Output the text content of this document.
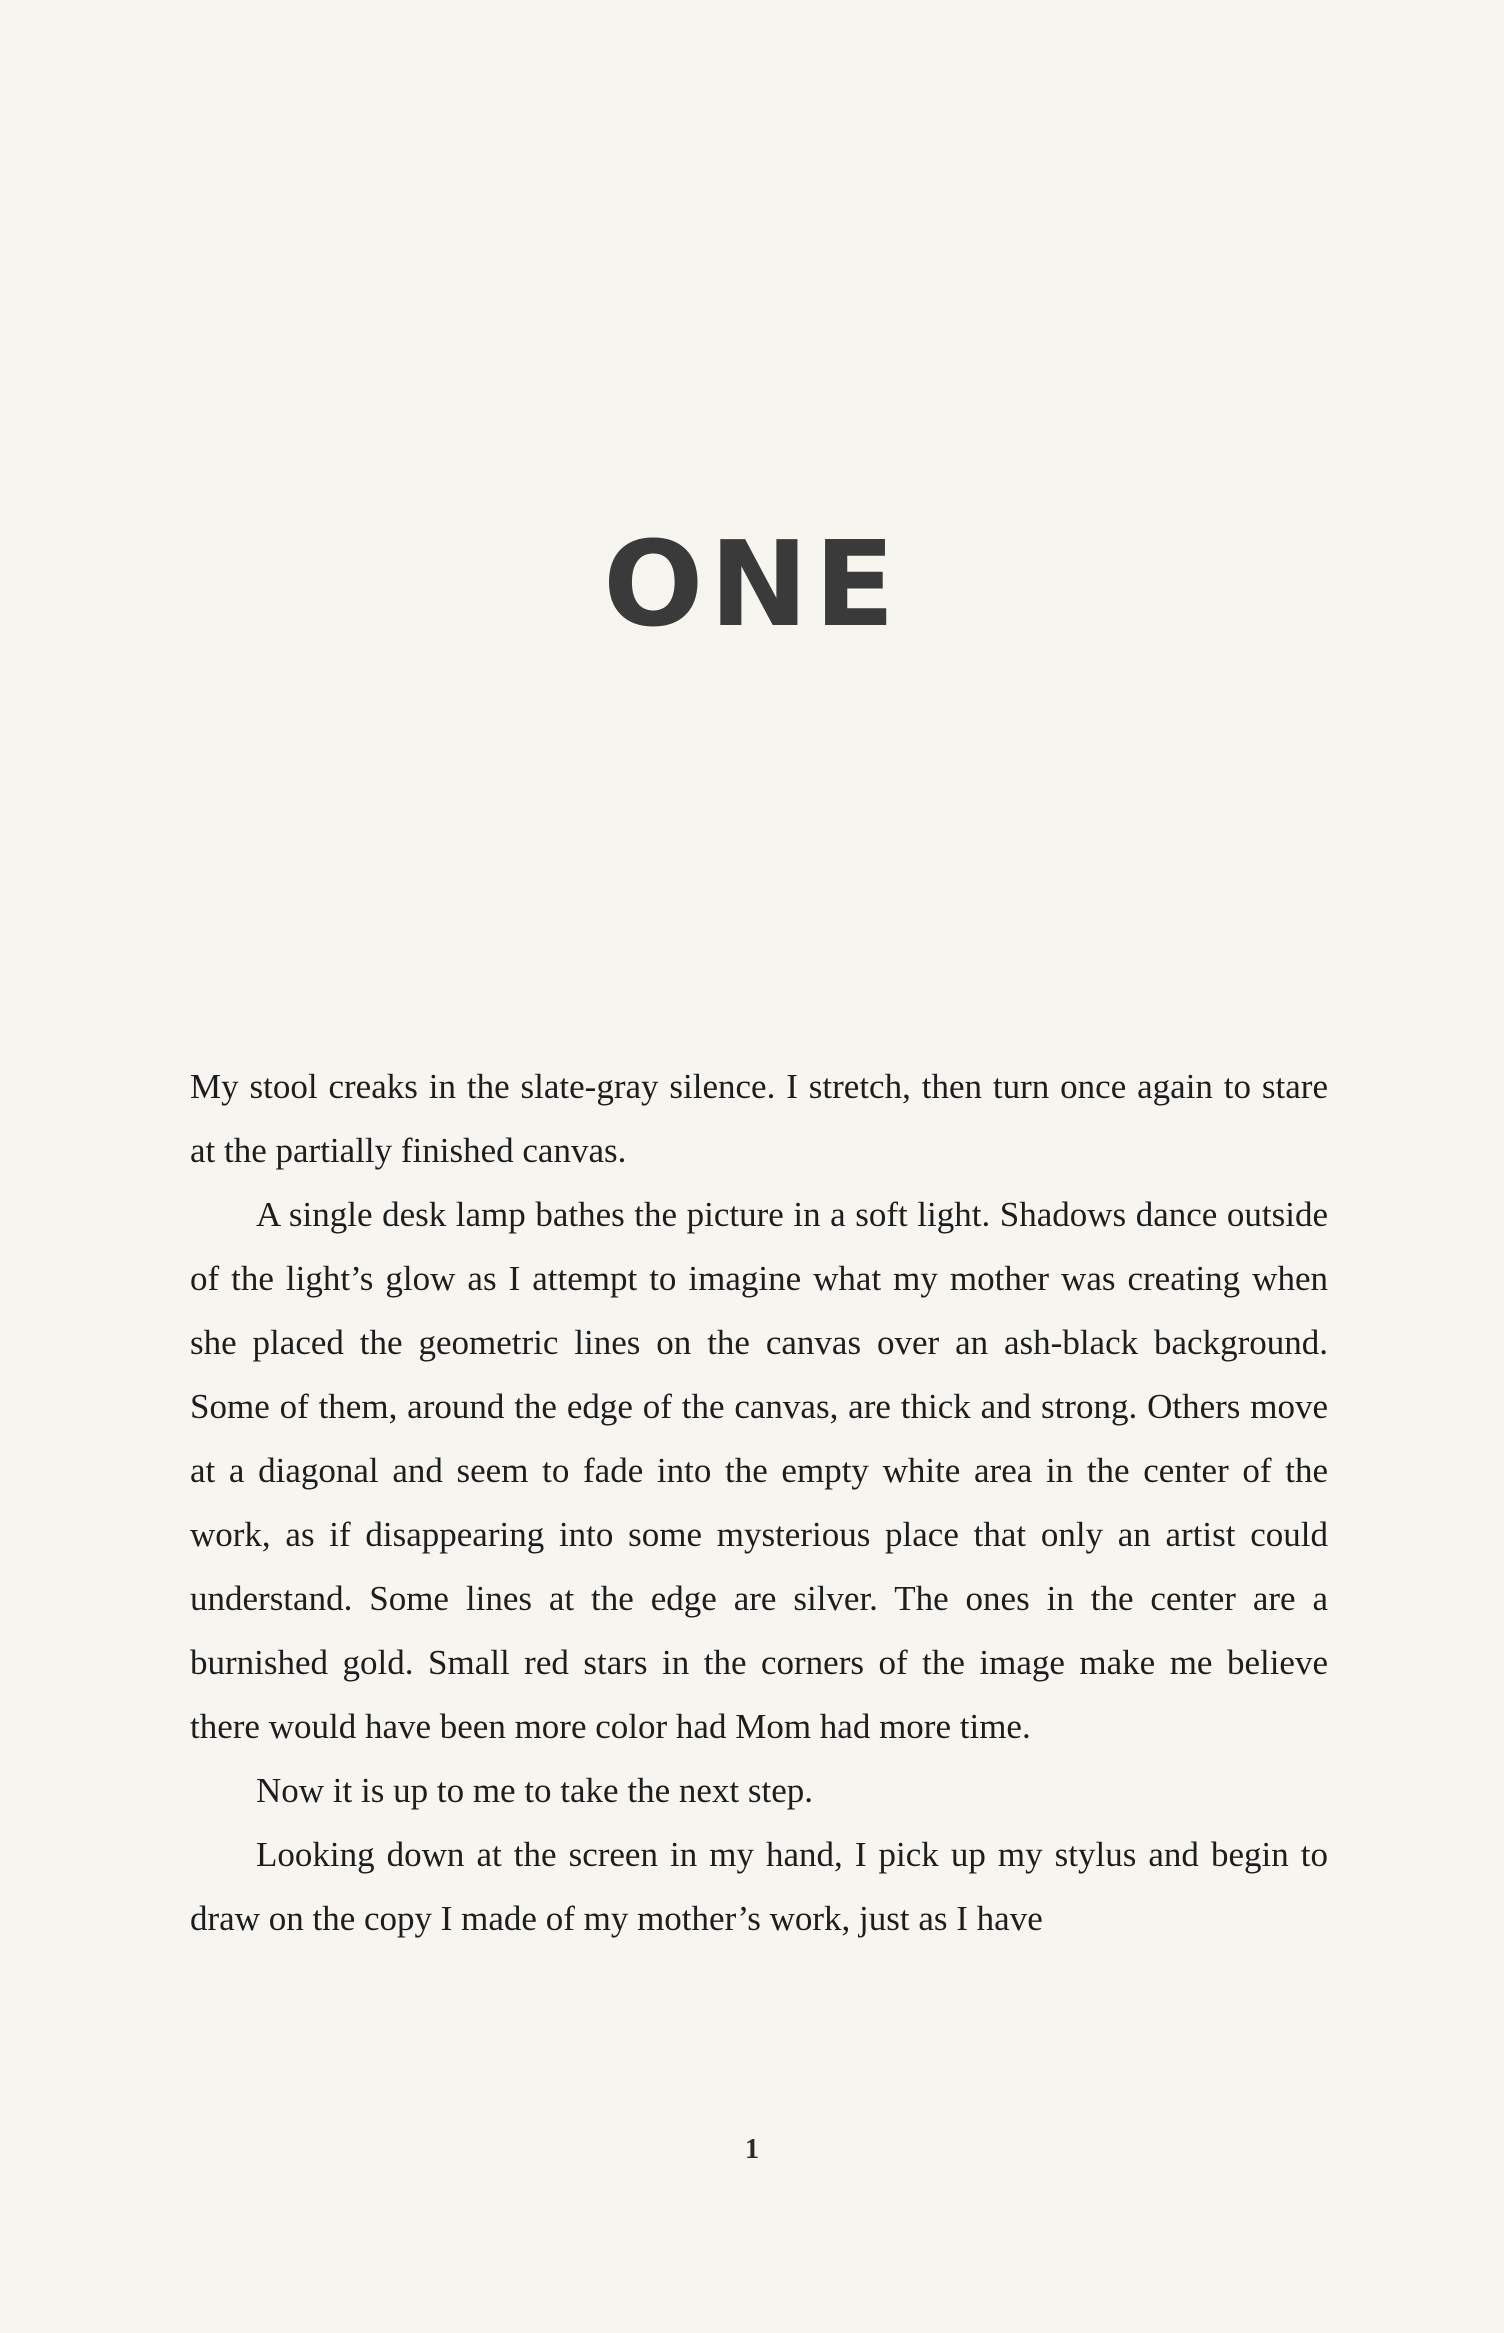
ONE

My stool creaks in the slate-gray silence. I stretch, then turn once again to stare at the partially finished canvas.

A single desk lamp bathes the picture in a soft light. Shadows dance outside of the light’s glow as I attempt to imagine what my mother was creating when she placed the geometric lines on the canvas over an ash-black background. Some of them, around the edge of the canvas, are thick and strong. Others move at a diagonal and seem to fade into the empty white area in the center of the work, as if disappearing into some mysterious place that only an artist could understand. Some lines at the edge are silver. The ones in the center are a burnished gold. Small red stars in the corners of the image make me believe there would have been more color had Mom had more time.

Now it is up to me to take the next step.

Looking down at the screen in my hand, I pick up my stylus and begin to draw on the copy I made of my mother’s work, just as I have

1
